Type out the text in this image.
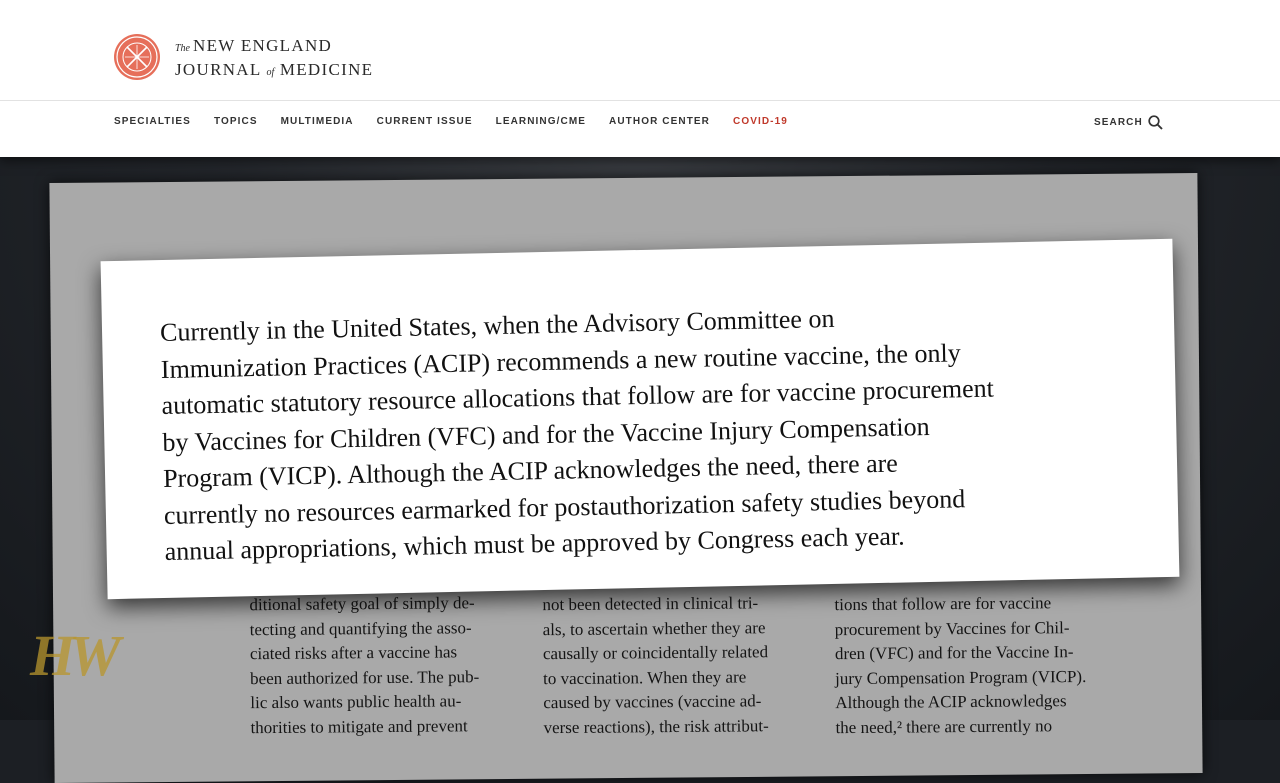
The NEW ENGLAND
JOURNAL of MEDICINE
SPECIALTIES TOPICS MULTIMEDIA CURRENT ISSUE LEARNING/CME AUTHOR CENTER COVID-19	SEARCH
ditional safety goal of simply de-
tecting and quantifying the asso-
ciated risks after a vaccine has
been authorized for use. The pub-
lic also wants public health au-
thorities to mitigate and prevent
not been detected in clinical tri-
als, to ascertain whether they are
causally or coincidentally related
to vaccination. When they are
caused by vaccines (vaccine ad-
verse reactions), the risk attribut-
tions that follow are for vaccine
procurement by Vaccines for Chil-
dren (VFC) and for the Vaccine In-
jury Compensation Program (VICP).
Although the ACIP acknowledges
the need,² there are currently no
Currently in the United States, when the Advisory Committee on
Immunization Practices (ACIP) recommends a new routine vaccine, the only
automatic statutory resource allocations that follow are for vaccine procurement
by Vaccines for Children (VFC) and for the Vaccine Injury Compensation
Program (VICP). Although the ACIP acknowledges the need, there are
currently no resources earmarked for postauthorization safety studies beyond
annual appropriations, which must be approved by Congress each year.
HW
